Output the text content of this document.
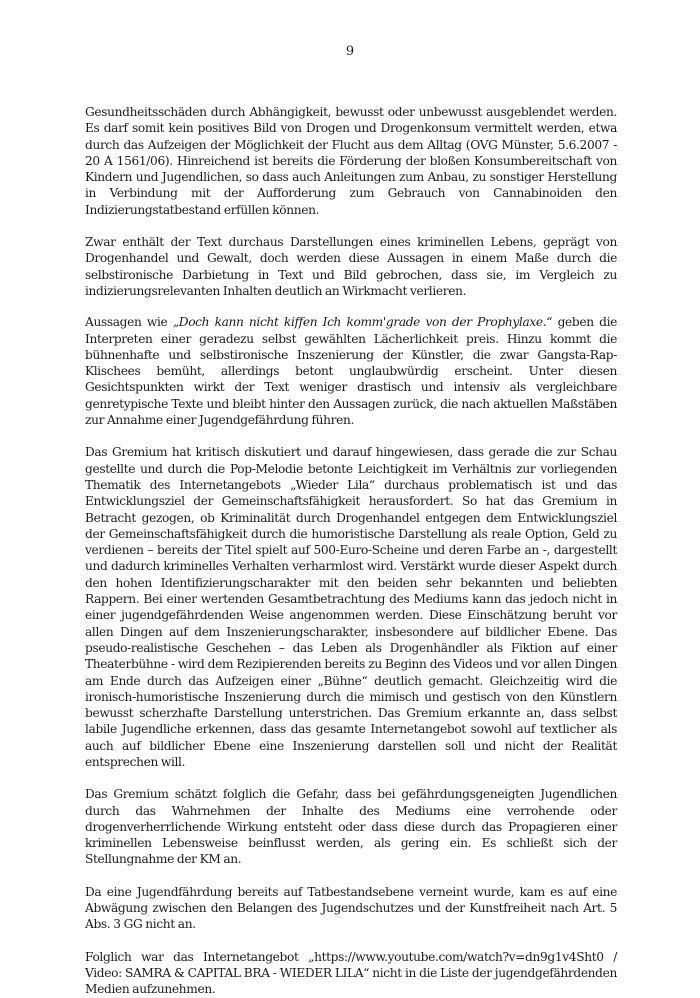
9

Gesundheitsschäden durch Abhängigkeit, bewusst oder unbewusst ausgeblendet werden. Es darf somit kein positives Bild von Drogen und Drogenkonsum vermittelt werden, etwa durch das Aufzeigen der Möglichkeit der Flucht aus dem Alltag (OVG Münster, 5.6.2007 - 20 A 1561/06). Hinreichend ist bereits die Förderung der bloßen Konsumbereitschaft von Kindern und Jugendlichen, so dass auch Anleitungen zum Anbau, zu sonstiger Herstellung in Verbindung mit der Aufforderung zum Gebrauch von Cannabinoiden den Indizierungstatbestand erfüllen können.

Zwar enthält der Text durchaus Darstellungen eines kriminellen Lebens, geprägt von Drogenhandel und Gewalt, doch werden diese Aussagen in einem Maße durch die selbstironische Darbietung in Text und Bild gebrochen, dass sie, im Vergleich zu indizierungsrelevanten Inhalten deutlich an Wirkmacht verlieren.

Aussagen wie „Doch kann nicht kiffen Ich komm'grade von der Prophylaxe.“ geben die Interpreten einer geradezu selbst gewählten Lächerlichkeit preis. Hinzu kommt die bühnenhafte und selbstironische Inszenierung der Künstler, die zwar Gangsta-Rap-Klischees bemüht, allerdings betont unglaubwürdig erscheint. Unter diesen Gesichtspunkten wirkt der Text weniger drastisch und intensiv als vergleichbare genretypische Texte und bleibt hinter den Aussagen zurück, die nach aktuellen Maßstäben zur Annahme einer Jugendgefährdung führen.

Das Gremium hat kritisch diskutiert und darauf hingewiesen, dass gerade die zur Schau gestellte und durch die Pop-Melodie betonte Leichtigkeit im Verhältnis zur vorliegenden Thematik des Internetangebots „Wieder Lila“ durchaus problematisch ist und das Entwicklungsziel der Gemeinschaftsfähigkeit herausfordert. So hat das Gremium in Betracht gezogen, ob Kriminalität durch Drogenhandel entgegen dem Entwicklungsziel der Gemeinschaftsfähigkeit durch die humoristische Darstellung als reale Option, Geld zu verdienen – bereits der Titel spielt auf 500-Euro-Scheine und deren Farbe an -, dargestellt und dadurch kriminelles Verhalten verharmlost wird. Verstärkt wurde dieser Aspekt durch den hohen Identifizierungscharakter mit den beiden sehr bekannten und beliebten Rappern. Bei einer wertenden Gesamtbetrachtung des Mediums kann das jedoch nicht in einer jugendgefährdenden Weise angenommen werden. Diese Einschätzung beruht vor allen Dingen auf dem Inszenierungscharakter, insbesondere auf bildlicher Ebene. Das pseudo-realistische Geschehen – das Leben als Drogenhändler als Fiktion auf einer Theaterbühne - wird dem Rezipierenden bereits zu Beginn des Videos und vor allen Dingen am Ende durch das Aufzeigen einer „Bühne“ deutlich gemacht. Gleichzeitig wird die ironisch-humoristische Inszenierung durch die mimisch und gestisch von den Künstlern bewusst scherzhafte Darstellung unterstrichen. Das Gremium erkannte an, dass selbst labile Jugendliche erkennen, dass das gesamte Internetangebot sowohl auf textlicher als auch auf bildlicher Ebene eine Inszenierung darstellen soll und nicht der Realität entsprechen will.

Das Gremium schätzt folglich die Gefahr, dass bei gefährdungsgeneigten Jugendlichen durch das Wahrnehmen der Inhalte des Mediums eine verrohende oder drogenverherrlichende Wirkung entsteht oder dass diese durch das Propagieren einer kriminellen Lebensweise beinflusst werden, als gering ein. Es schließt sich der Stellungnahme der KM an.

Da eine Jugendfährdung bereits auf Tatbestandsebene verneint wurde, kam es auf eine Abwägung zwischen den Belangen des Jugendschutzes und der Kunstfreiheit nach Art. 5 Abs. 3 GG nicht an.

Folglich war das Internetangebot „https://www.youtube.com/watch?v=dn9g1v4Sht0 / Video: SAMRA & CAPITAL BRA - WIEDER LILA“ nicht in die Liste der jugendgefährdenden Medien aufzunehmen.
